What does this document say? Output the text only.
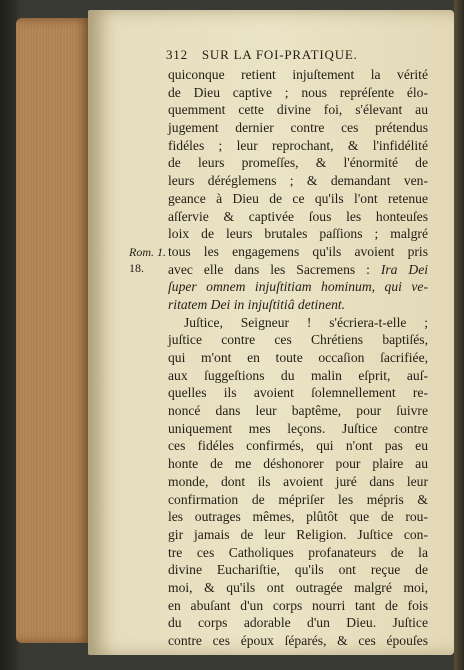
312 SUR LA FOI-PRATIQUE.
Rom. 1.
18.
quiconque retient injuſtement la vérité
de Dieu captive ; nous repréſente élo-
quemment cette divine foi, s'élevant au
jugement dernier contre ces prétendus
fidéles ; leur reprochant, & l'infidélité
de leurs promeſſes, & l'énormité de
leurs déréglemens ; & demandant ven-
geance à Dieu de ce qu'ils l'ont retenue
aſſervie & captivée ſous les honteuſes
loix de leurs brutales paſſions ; malgré
tous les engagemens qu'ils avoient pris
avec elle dans les Sacremens : Ira Dei
ſuper omnem injuſtitiam hominum, qui ve-
ritatem Dei in injuſtitiâ detinent.
Juſtice, Seigneur ! s'écriera-t-elle ;
juſtice contre ces Chrétiens baptiſés,
qui m'ont en toute occaſion ſacrifiée,
aux ſuggeſtions du malin eſprit, auſ-
quelles ils avoient ſolemnellement re-
noncé dans leur baptême, pour ſuivre
uniquement mes leçons. Juſtice contre
ces fidéles confirmés, qui n'ont pas eu
honte de me déshonorer pour plaire au
monde, dont ils avoient juré dans leur
confirmation de mépriſer les mépris &
les outrages mêmes, plûtôt que de rou-
gir jamais de leur Religion. Juſtice con-
tre ces Catholiques profanateurs de la
divine Euchariſtie, qu'ils ont reçue de
moi, & qu'ils ont outragée malgré moi,
en abuſant d'un corps nourri tant de fois
du corps adorable d'un Dieu. Juſtice
contre ces époux ſéparés, & ces épouſes
